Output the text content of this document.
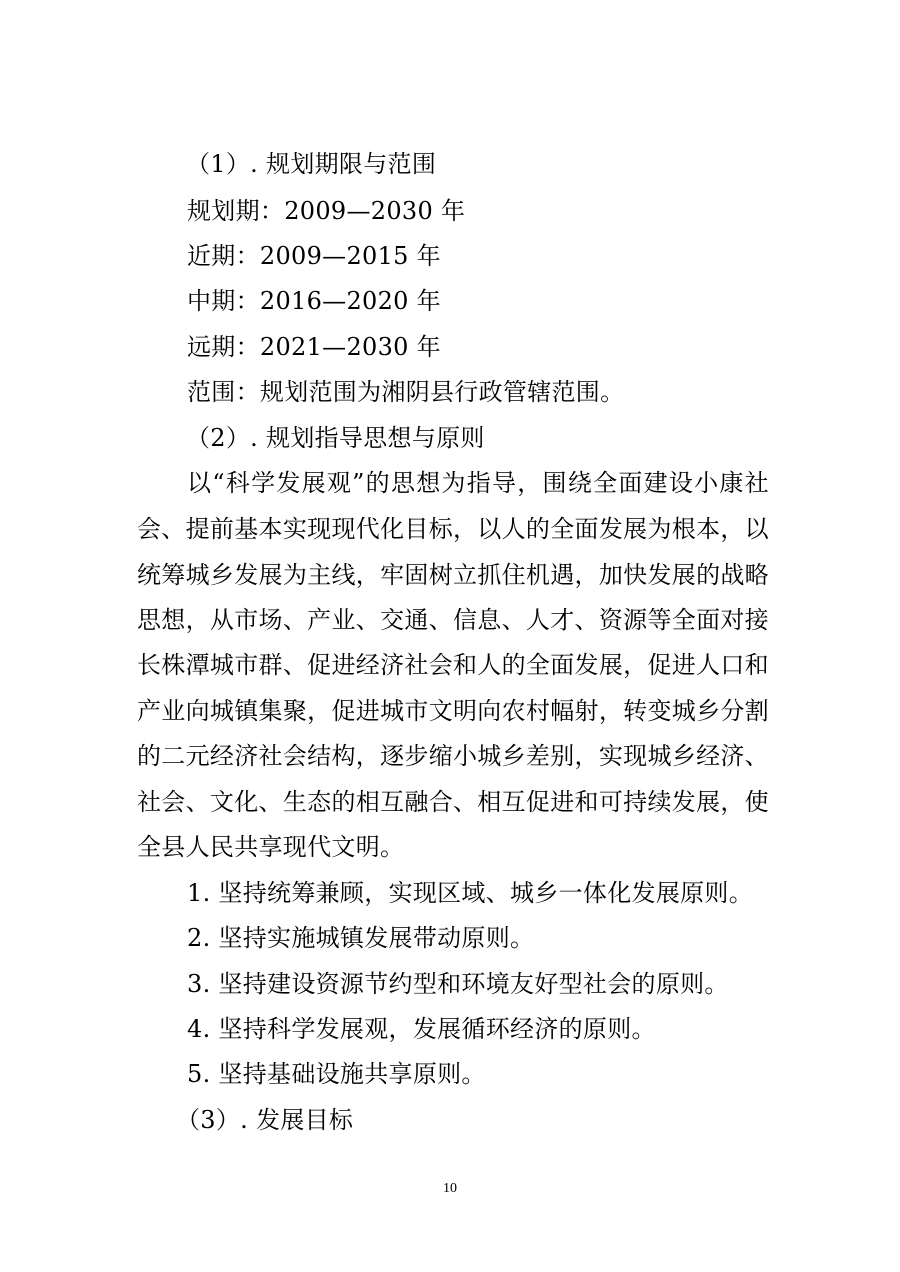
（1）. 规划期限与范围
规划期：2009—2030 年
近期：2009—2015 年
中期：2016—2020 年
远期：2021—2030 年
范围：规划范围为湘阴县行政管辖范围。
（2）. 规划指导思想与原则
以“科学发展观”的思想为指导，围绕全面建设小康社
会、提前基本实现现代化目标，以人的全面发展为根本，以
统筹城乡发展为主线，牢固树立抓住机遇，加快发展的战略
思想，从市场、产业、交通、信息、人才、资源等全面对接
长株潭城市群、促进经济社会和人的全面发展，促进人口和
产业向城镇集聚，促进城市文明向农村幅射，转变城乡分割
的二元经济社会结构，逐步缩小城乡差别，实现城乡经济、
社会、文化、生态的相互融合、相互促进和可持续发展，使
全县人民共享现代文明。
1. 坚持统筹兼顾，实现区域、城乡一体化发展原则。
2. 坚持实施城镇发展带动原则。
3. 坚持建设资源节约型和环境友好型社会的原则。
4. 坚持科学发展观，发展循环经济的原则。
5. 坚持基础设施共享原则。
（3）. 发展目标
10
